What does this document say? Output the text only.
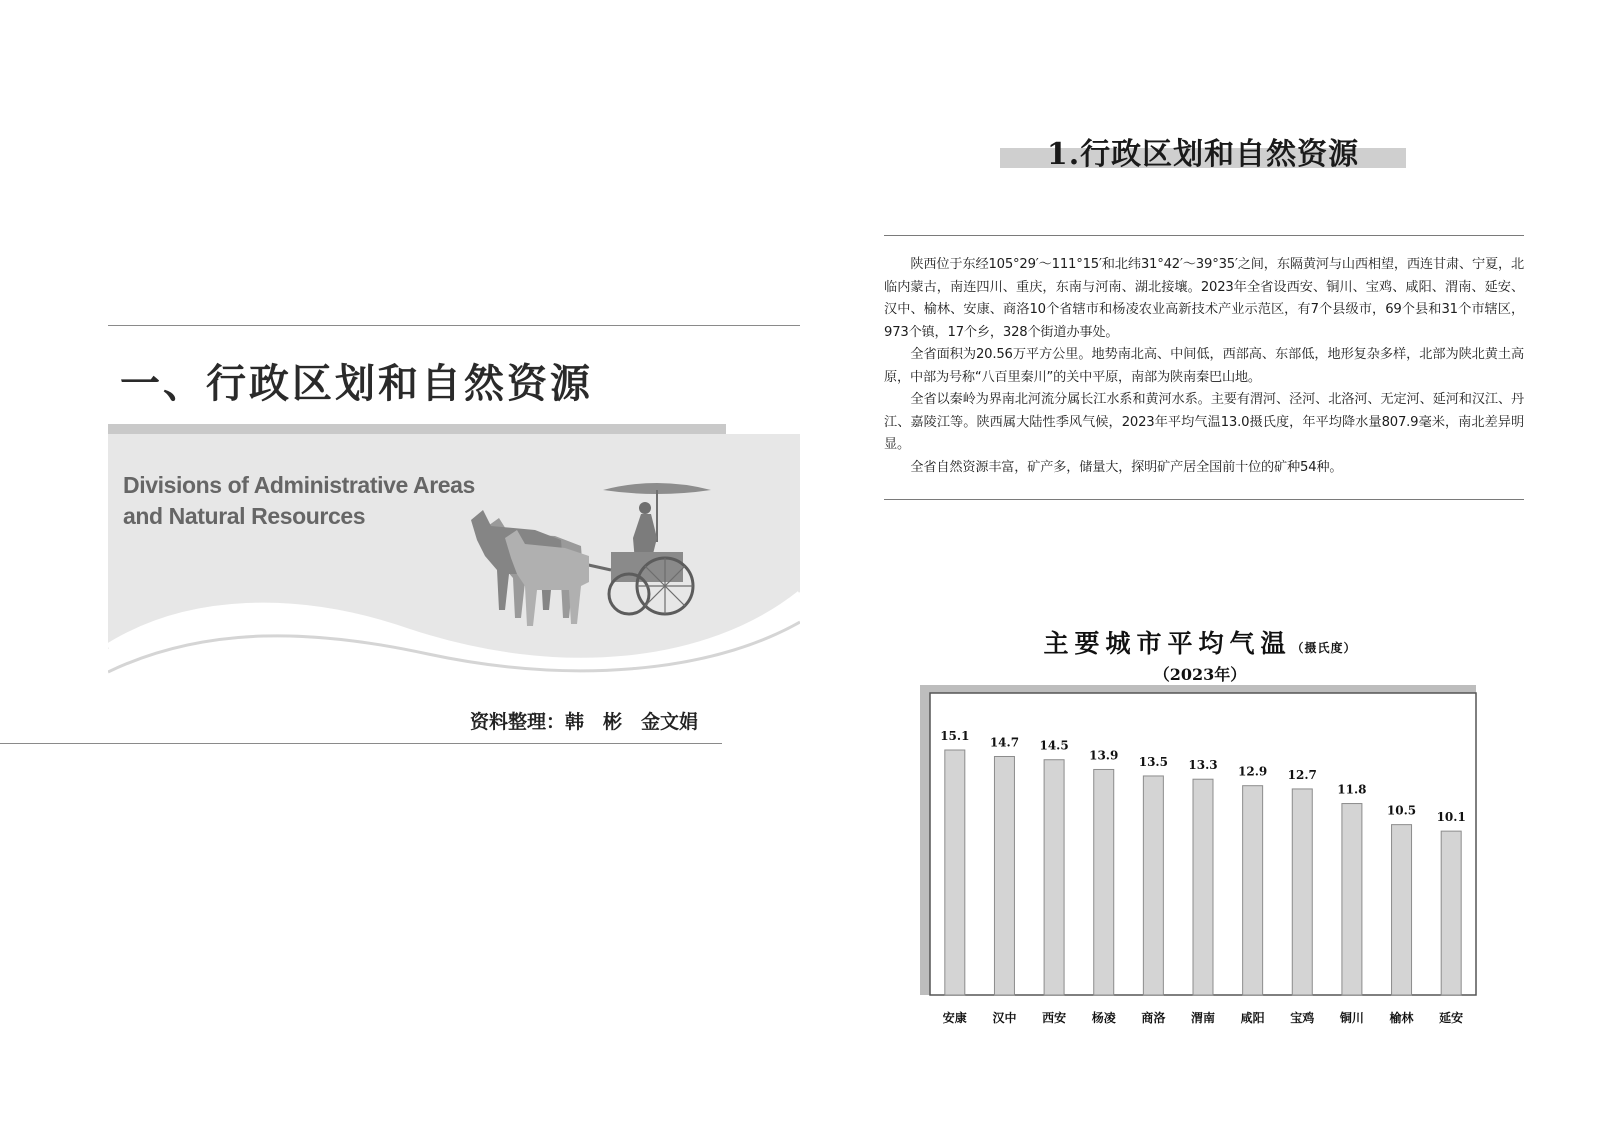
一、行政区划和自然资源
Divisions of Administrative Areas
and Natural Resources

资料整理：韩　彬　金文娟

1.行政区划和自然资源

陕西位于东经105°29′～111°15′和北纬31°42′～39°35′之间，东隔黄河与山西相望，西连甘肃、宁夏，北临内蒙古，南连四川、重庆，东南与河南、湖北接壤。2023年全省设西安、铜川、宝鸡、咸阳、渭南、延安、汉中、榆林、安康、商洛10个省辖市和杨凌农业高新技术产业示范区，有7个县级市，69个县和31个市辖区，973个镇，17个乡，328个街道办事处。

全省面积为20.56万平方公里。地势南北高、中间低，西部高、东部低，地形复杂多样，北部为陕北黄土高原，中部为号称“八百里秦川”的关中平原，南部为陕南秦巴山地。

全省以秦岭为界南北河流分属长江水系和黄河水系。主要有渭河、泾河、北洛河、无定河、延河和汉江、丹江、嘉陵江等。陕西属大陆性季风气候，2023年平均气温13.0摄氏度，年平均降水量807.9毫米，南北差异明显。

全省自然资源丰富，矿产多，储量大，探明矿产居全国前十位的矿种54种。

主要城市平均气温（摄氏度）
（2023年）
15.1
安康
14.7
汉中
14.5
西安
13.9
杨凌
13.5
商洛
13.3
渭南
12.9
咸阳
12.7
宝鸡
11.8
铜川
10.5
榆林
10.1
延安
